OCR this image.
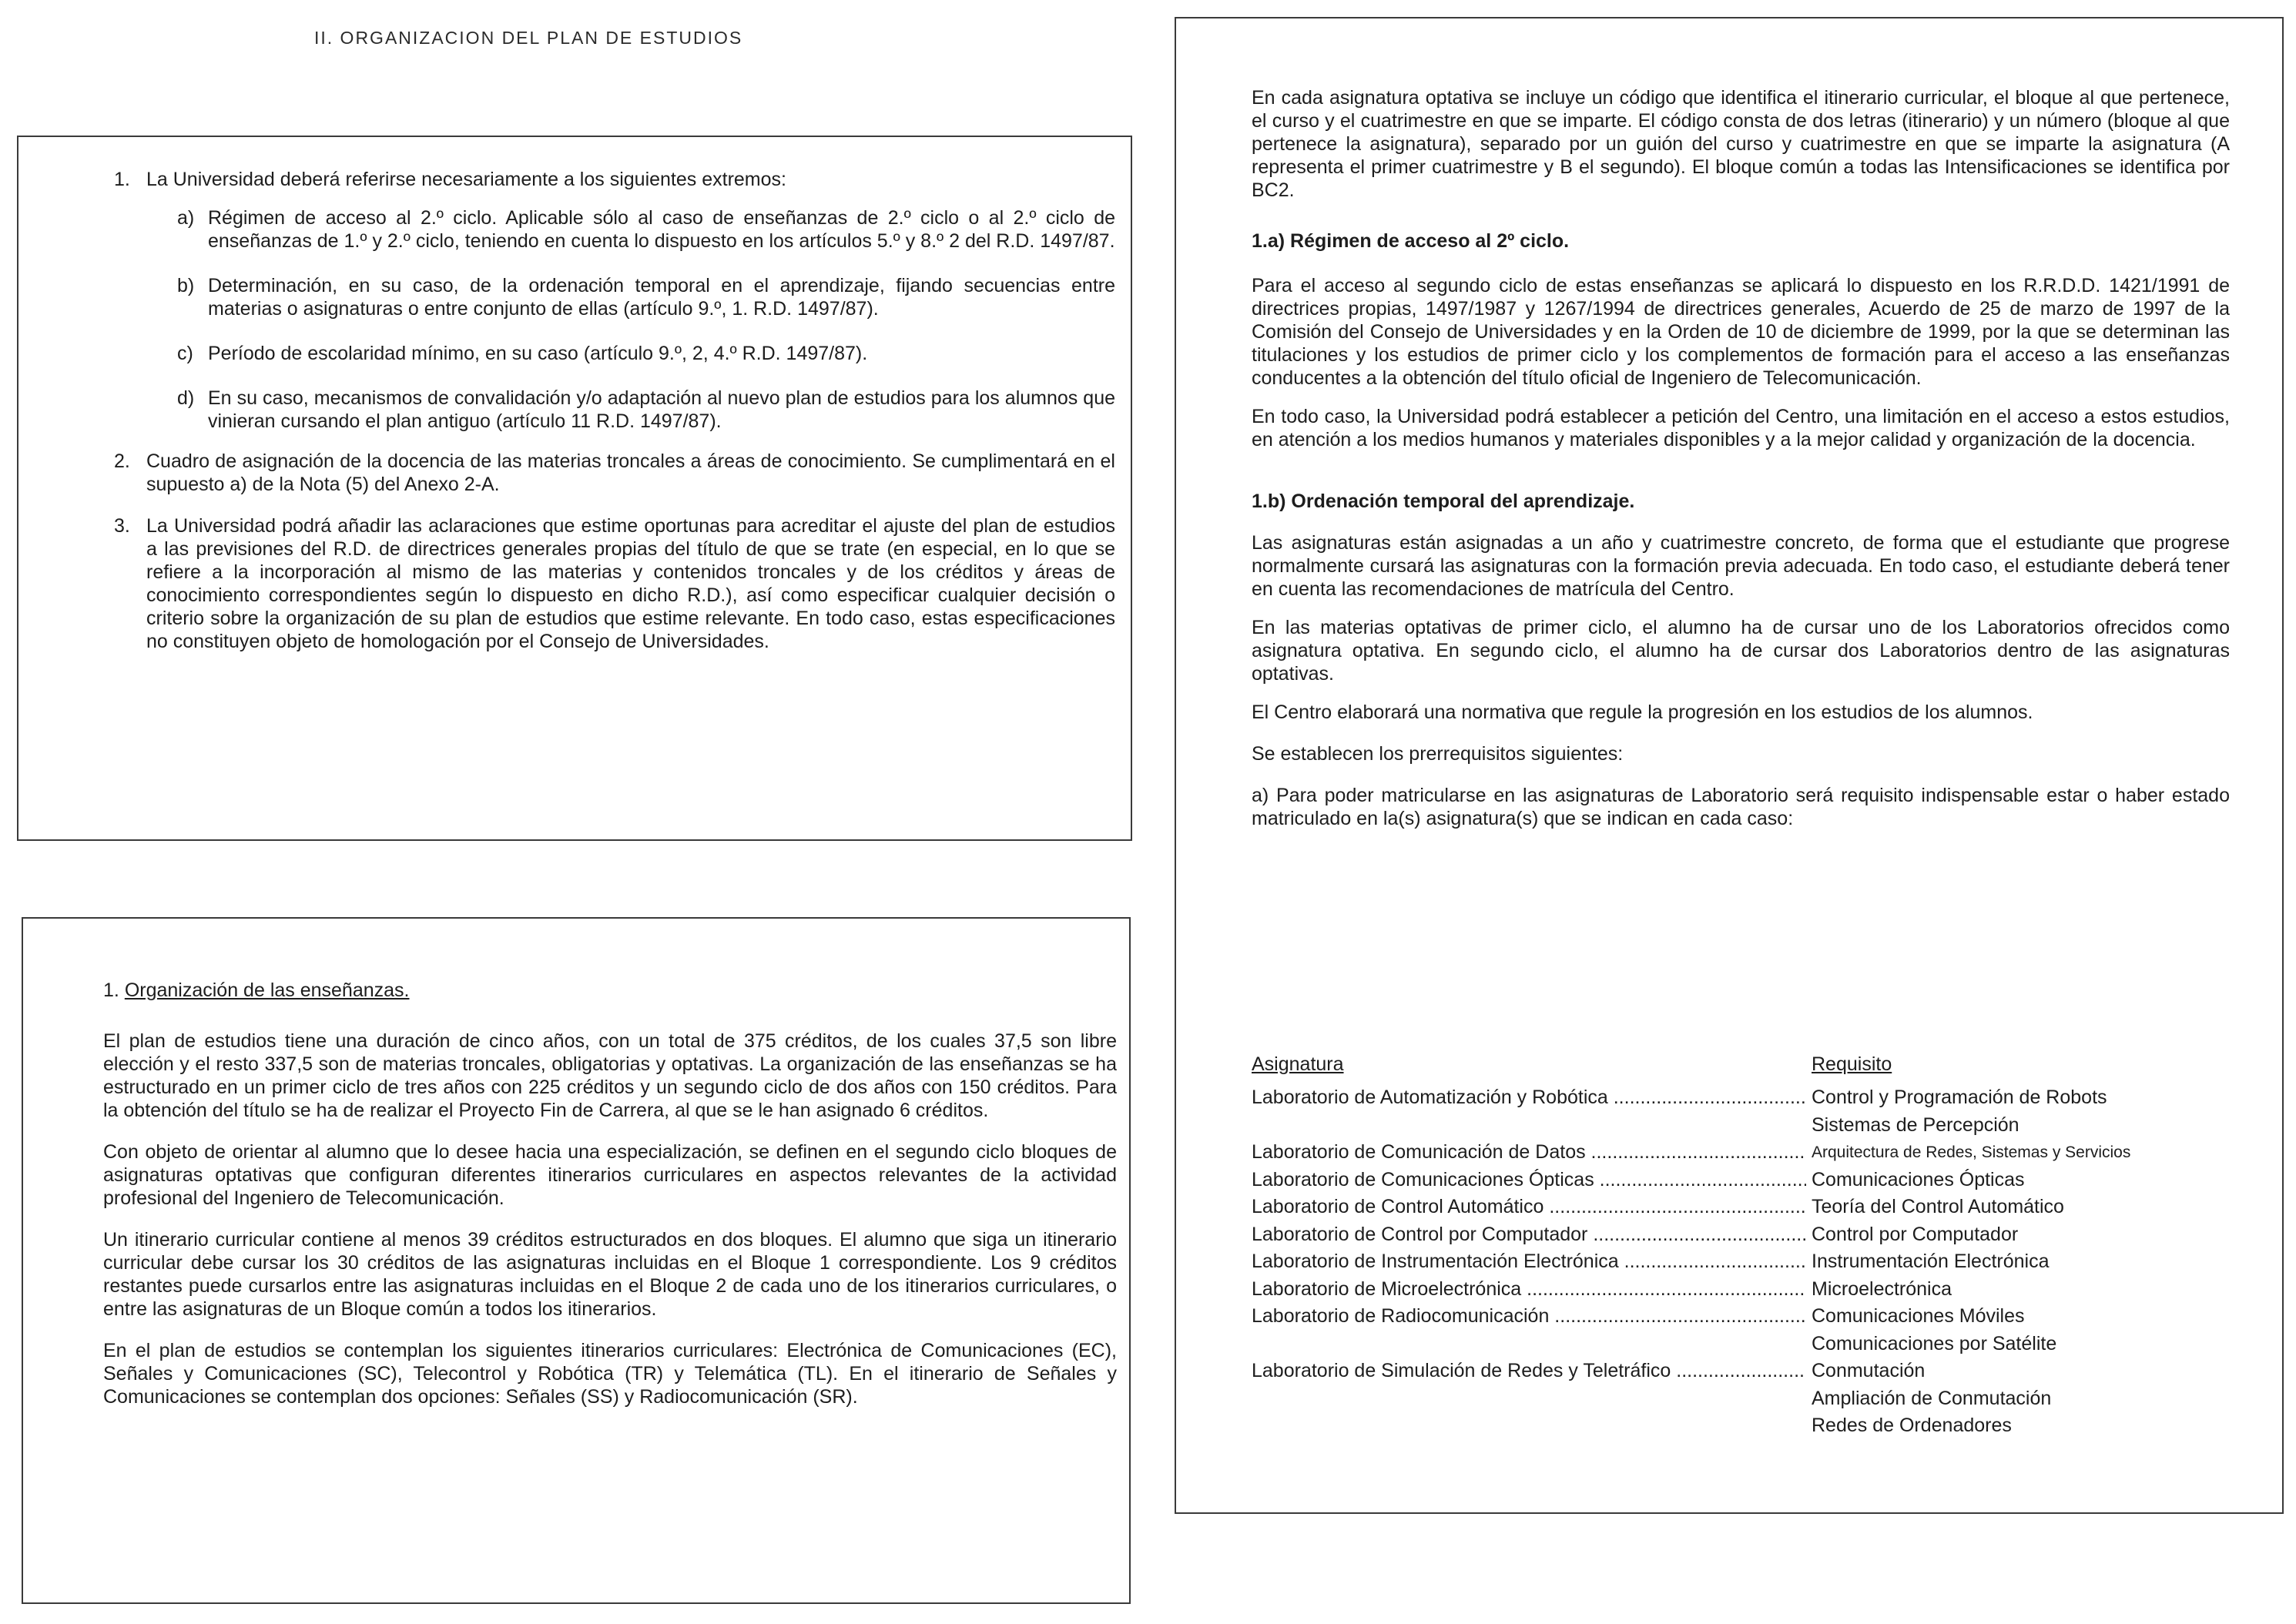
II. ORGANIZACION DEL PLAN DE ESTUDIOS
1. La Universidad deberá referirse necesariamente a los siguientes extremos:

a) Régimen de acceso al 2.º ciclo. Aplicable sólo al caso de enseñanzas de 2.º ciclo o al 2.º ciclo de enseñanzas de 1.º y 2.º ciclo, teniendo en cuenta lo dispuesto en los artículos 5.º y 8.º 2 del R.D. 1497/87.

b) Determinación, en su caso, de la ordenación temporal en el aprendizaje, fijando secuencias entre materias o asignaturas o entre conjunto de ellas (artículo 9.º, 1. R.D. 1497/87).

c) Período de escolaridad mínimo, en su caso (artículo 9.º, 2, 4.º R.D. 1497/87).

d) En su caso, mecanismos de convalidación y/o adaptación al nuevo plan de estudios para los alumnos que vinieran cursando el plan antiguo (artículo 11 R.D. 1497/87).

2. Cuadro de asignación de la docencia de las materias troncales a áreas de conocimiento. Se cumplimentará en el supuesto a) de la Nota (5) del Anexo 2-A.

3. La Universidad podrá añadir las aclaraciones que estime oportunas para acreditar el ajuste del plan de estudios a las previsiones del R.D. de directrices generales propias del título de que se trate (en especial, en lo que se refiere a la incorporación al mismo de las materias y contenidos troncales y de los créditos y áreas de conocimiento correspondientes según lo dispuesto en dicho R.D.), así como especificar cualquier decisión o criterio sobre la organización de su plan de estudios que estime relevante. En todo caso, estas especificaciones no constituyen objeto de homologación por el Consejo de Universidades.

1. Organización de las enseñanzas.

El plan de estudios tiene una duración de cinco años, con un total de 375 créditos, de los cuales 37,5 son libre elección y el resto 337,5 son de materias troncales, obligatorias y optativas. La organización de las enseñanzas se ha estructurado en un primer ciclo de tres años con 225 créditos y un segundo ciclo de dos años con 150 créditos. Para la obtención del título se ha de realizar el Proyecto Fin de Carrera, al que se le han asignado 6 créditos.

Con objeto de orientar al alumno que lo desee hacia una especialización, se definen en el segundo ciclo bloques de asignaturas optativas que configuran diferentes itinerarios curriculares en aspectos relevantes de la actividad profesional del Ingeniero de Telecomunicación.

Un itinerario curricular contiene al menos 39 créditos estructurados en dos bloques. El alumno que siga un itinerario curricular debe cursar los 30 créditos de las asignaturas incluidas en el Bloque 1 correspondiente. Los 9 créditos restantes puede cursarlos entre las asignaturas incluidas en el Bloque 2 de cada uno de los itinerarios curriculares, o entre las asignaturas de un Bloque común a todos los itinerarios.

En el plan de estudios se contemplan los siguientes itinerarios curriculares: Electrónica de Comunicaciones (EC), Señales y Comunicaciones (SC), Telecontrol y Robótica (TR) y Telemática (TL). En el itinerario de Señales y Comunicaciones se contemplan dos opciones: Señales (SS) y Radiocomunicación (SR).

En cada asignatura optativa se incluye un código que identifica el itinerario curricular, el bloque al que pertenece, el curso y el cuatrimestre en que se imparte. El código consta de dos letras (itinerario) y un número (bloque al que pertenece la asignatura), separado por un guión del curso y cuatrimestre en que se imparte la asignatura (A representa el primer cuatrimestre y B el segundo). El bloque común a todas las Intensificaciones se identifica por BC2.

1.a) Régimen de acceso al 2º ciclo.

Para el acceso al segundo ciclo de estas enseñanzas se aplicará lo dispuesto en los R.R.D.D. 1421/1991 de directrices propias, 1497/1987 y 1267/1994 de directrices generales, Acuerdo de 25 de marzo de 1997 de la Comisión del Consejo de Universidades y en la Orden de 10 de diciembre de 1999, por la que se determinan las titulaciones y los estudios de primer ciclo y los complementos de formación para el acceso a las enseñanzas conducentes a la obtención del título oficial de Ingeniero de Telecomunicación.

En todo caso, la Universidad podrá establecer a petición del Centro, una limitación en el acceso a estos estudios, en atención a los medios humanos y materiales disponibles y a la mejor calidad y organización de la docencia.

1.b) Ordenación temporal del aprendizaje.

Las asignaturas están asignadas a un año y cuatrimestre concreto, de forma que el estudiante que progrese normalmente cursará las asignaturas con la formación previa adecuada. En todo caso, el estudiante deberá tener en cuenta las recomendaciones de matrícula del Centro.

En las materias optativas de primer ciclo, el alumno ha de cursar uno de los Laboratorios ofrecidos como asignatura optativa. En segundo ciclo, el alumno ha de cursar dos Laboratorios dentro de las asignaturas optativas.

El Centro elaborará una normativa que regule la progresión en los estudios de los alumnos.

Se establecen los prerrequisitos siguientes:

a) Para poder matricularse en las asignaturas de Laboratorio será requisito indispensable estar o haber estado matriculado en la(s) asignatura(s) que se indican en cada caso:

Asignatura	Requisito
Laboratorio de Automatización y Robótica .....	Control y Programación de Robots
Sistemas de Percepción
Laboratorio de Comunicación de Datos .....	Arquitectura de Redes, Sistemas y Servicios
Laboratorio de Comunicaciones Ópticas .....	Comunicaciones Ópticas
Laboratorio de Control Automático .....	Teoría del Control Automático
Laboratorio de Control por Computador .....	Control por Computador
Laboratorio de Instrumentación Electrónica .....	Instrumentación Electrónica
Laboratorio de Microelectrónica .....	Microelectrónica
Laboratorio de Radiocomunicación .....	Comunicaciones Móviles
Comunicaciones por Satélite
Laboratorio de Simulación de Redes y Teletráfico .....	Conmutación
Ampliación de Conmutación
Redes de Ordenadores
